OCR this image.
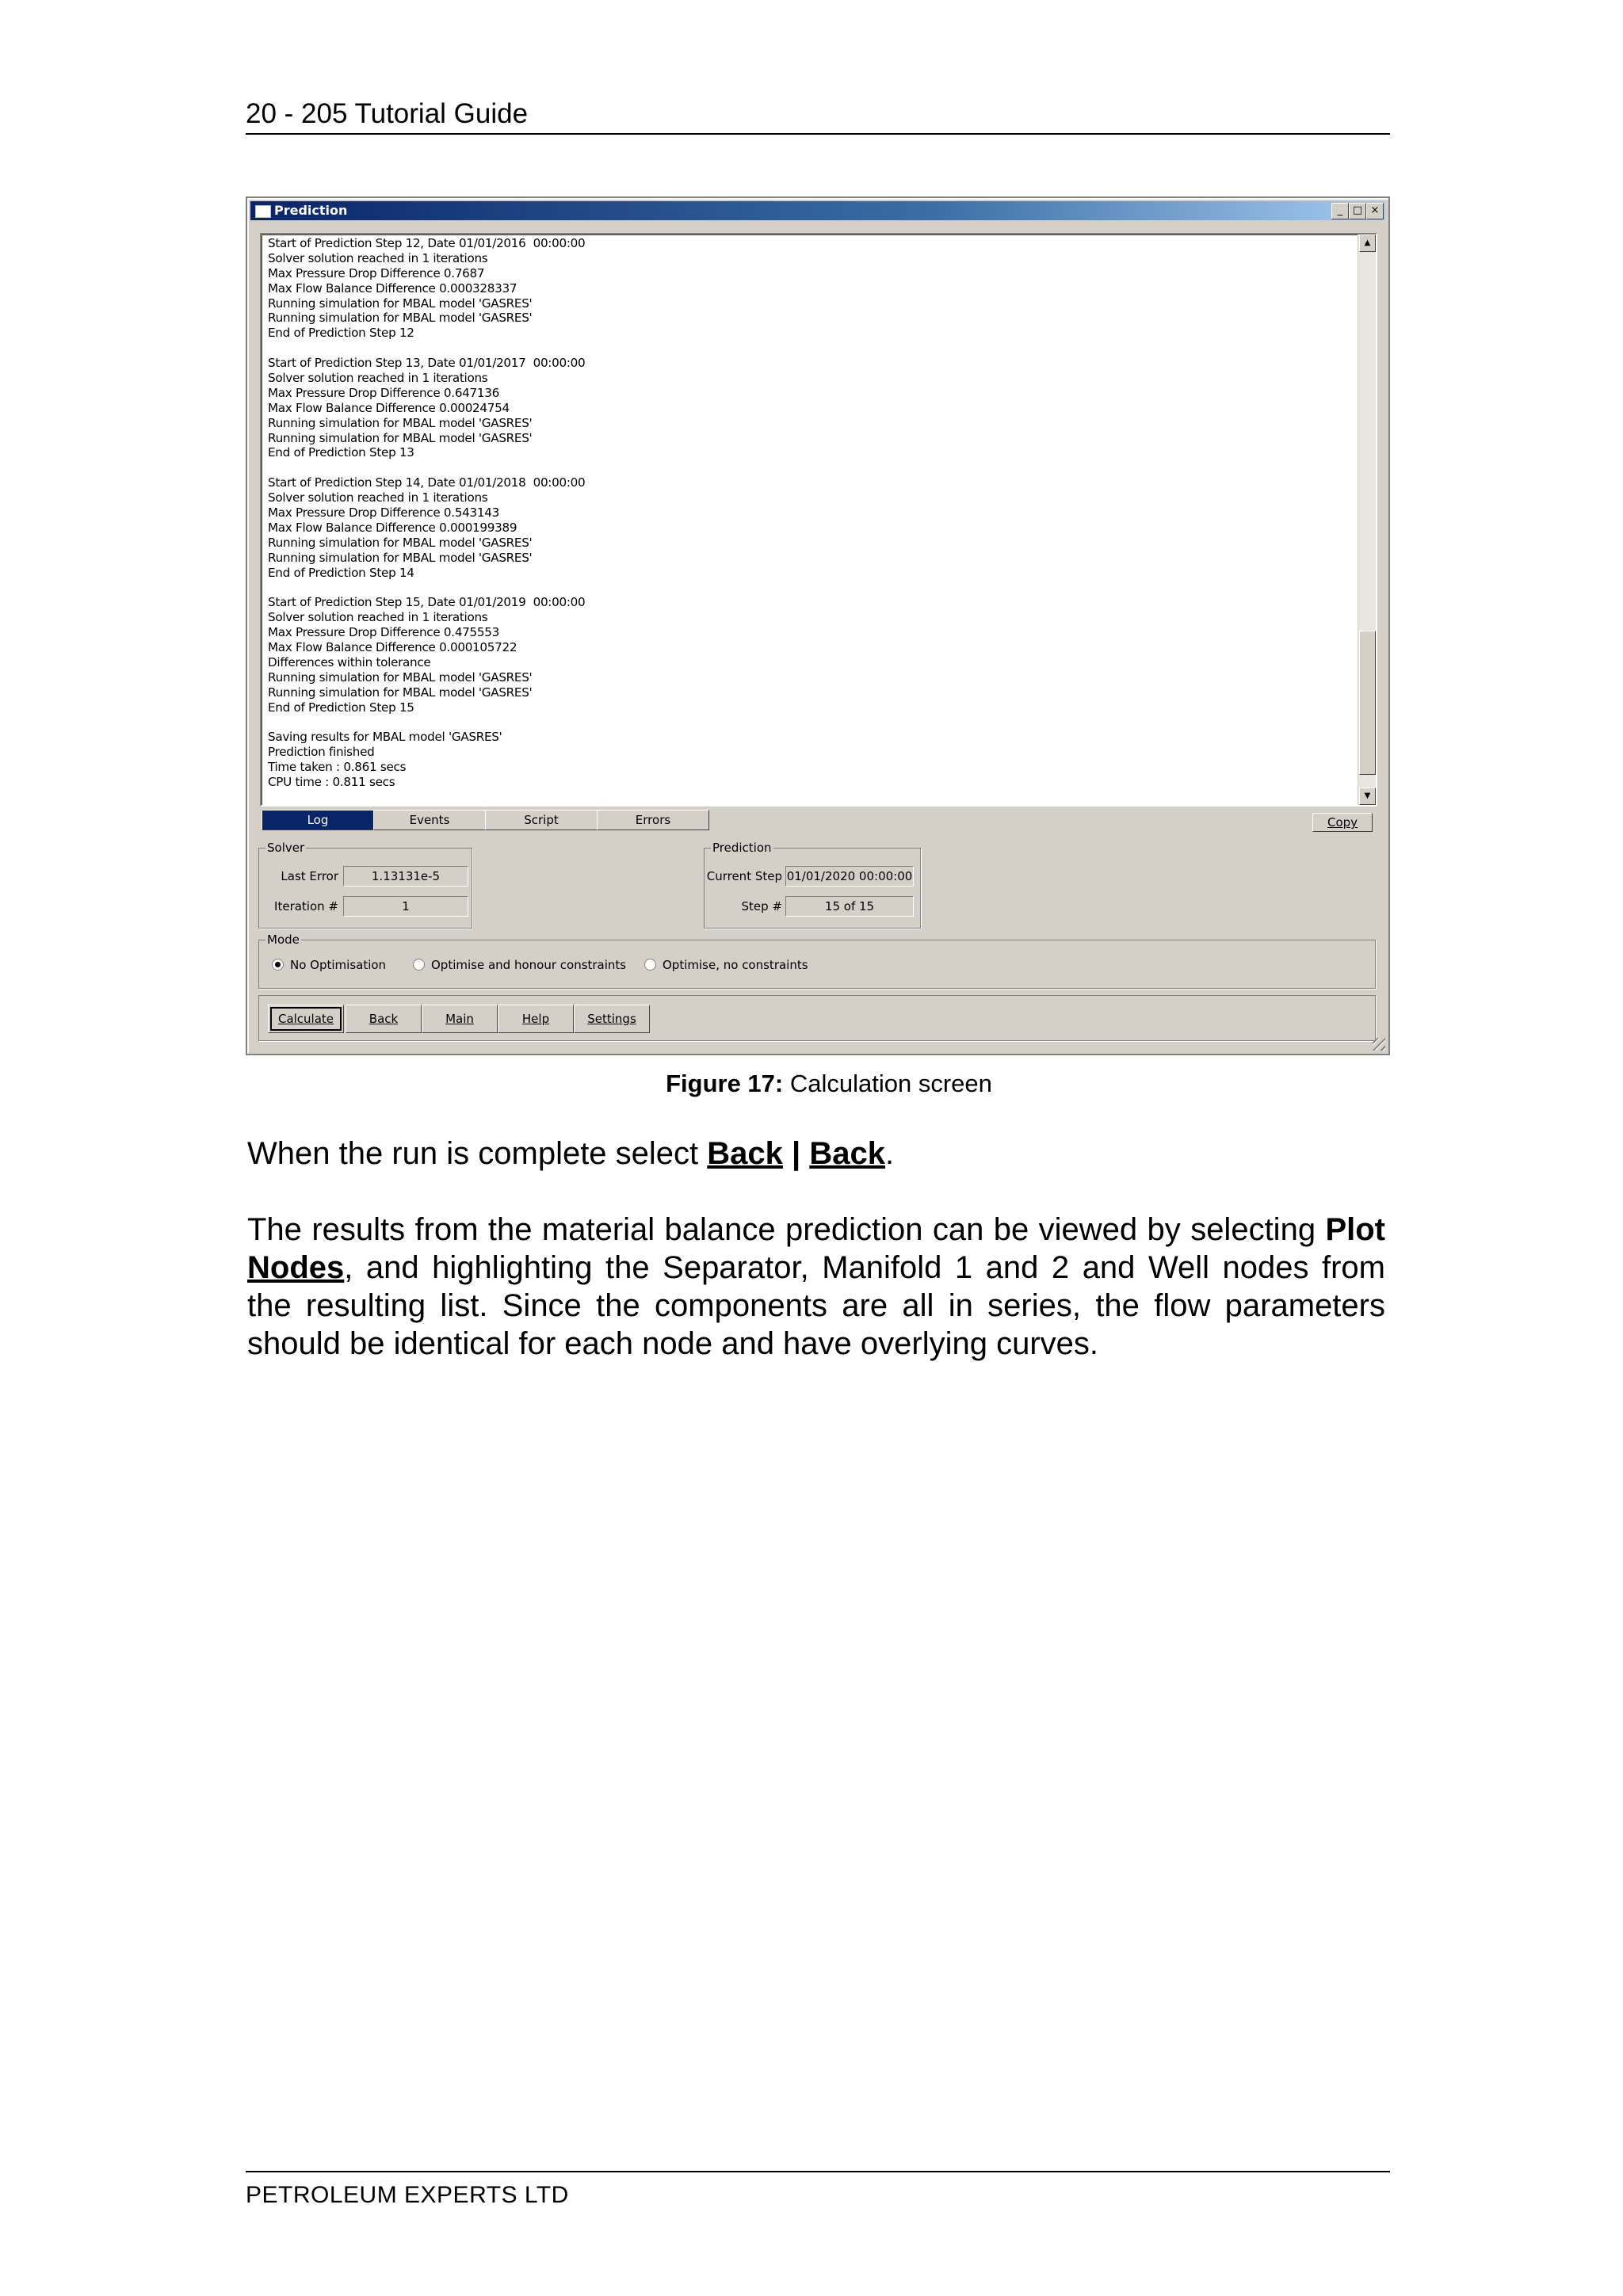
20 - 205 Tutorial Guide
Prediction	_ □ ×
Start of Prediction Step 12, Date 01/01/2016  00:00:00
Solver solution reached in 1 iterations
Max Pressure Drop Difference 0.7687
Max Flow Balance Difference 0.000328337
Running simulation for MBAL model 'GASRES'
Running simulation for MBAL model 'GASRES'
End of Prediction Step 12

Start of Prediction Step 13, Date 01/01/2017  00:00:00
Solver solution reached in 1 iterations
Max Pressure Drop Difference 0.647136
Max Flow Balance Difference 0.00024754
Running simulation for MBAL model 'GASRES'
Running simulation for MBAL model 'GASRES'
End of Prediction Step 13

Start of Prediction Step 14, Date 01/01/2018  00:00:00
Solver solution reached in 1 iterations
Max Pressure Drop Difference 0.543143
Max Flow Balance Difference 0.000199389
Running simulation for MBAL model 'GASRES'
Running simulation for MBAL model 'GASRES'
End of Prediction Step 14

Start of Prediction Step 15, Date 01/01/2019  00:00:00
Solver solution reached in 1 iterations
Max Pressure Drop Difference 0.475553
Max Flow Balance Difference 0.000105722
Differences within tolerance
Running simulation for MBAL model 'GASRES'
Running simulation for MBAL model 'GASRES'
End of Prediction Step 15

Saving results for MBAL model 'GASRES'
Prediction finished
Time taken : 0.861 secs
CPU time : 0.811 secs
▲
▼
Log	Events	Script	Errors	Copy
Solver
Last Error	1.13131e-5
Iteration #	1
Prediction
Current Step 01/01/2020 00:00:00
Step #	15 of 15
Mode
No Optimisation	Optimise and honour constraints	Optimise, no constraints
Calculate	Back	Main	Help	Settings
Figure 17: Calculation screen
When the run is complete select Back | Back.
The results from the material balance prediction can be viewed by selecting Plot Nodes, and highlighting the Separator, Manifold 1 and 2 and Well nodes from the resulting list. Since the components are all in series, the flow parameters should be identical for each node and have overlying curves.
PETROLEUM EXPERTS LTD
